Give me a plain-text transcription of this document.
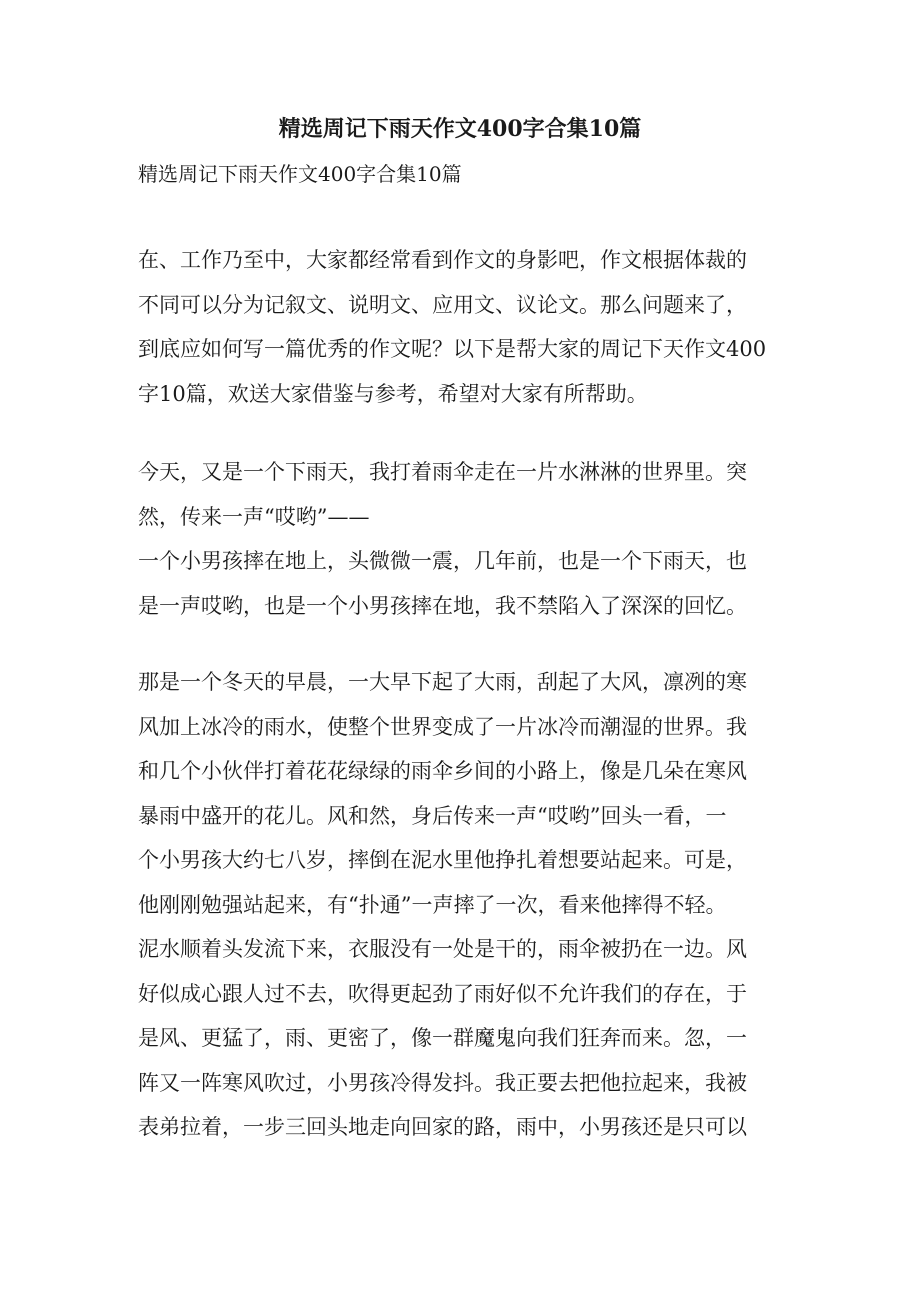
精选周记下雨天作文400字合集10篇

精选周记下雨天作文400字合集10篇

在、工作乃至中，大家都经常看到作文的身影吧，作文根据体裁的
不同可以分为记叙文、说明文、应用文、议论文。那么问题来了，
到底应如何写一篇优秀的作文呢？以下是帮大家的周记下天作文400
字10篇，欢送大家借鉴与参考，希望对大家有所帮助。

今天，又是一个下雨天，我打着雨伞走在一片水淋淋的世界里。突
然，传来一声“哎哟”——
一个小男孩摔在地上，头微微一震，几年前，也是一个下雨天，也
是一声哎哟，也是一个小男孩摔在地，我不禁陷入了深深的回忆。

那是一个冬天的早晨，一大早下起了大雨，刮起了大风，凛冽的寒
风加上冰冷的雨水，使整个世界变成了一片冰冷而潮湿的世界。我
和几个小伙伴打着花花绿绿的雨伞乡间的小路上，像是几朵在寒风
暴雨中盛开的花儿。风和然，身后传来一声“哎哟”回头一看，一
个小男孩大约七八岁，摔倒在泥水里他挣扎着想要站起来。可是，
他刚刚勉强站起来，有“扑通”一声摔了一次，看来他摔得不轻。
泥水顺着头发流下来，衣服没有一处是干的，雨伞被扔在一边。风
好似成心跟人过不去，吹得更起劲了雨好似不允许我们的存在，于
是风、更猛了，雨、更密了，像一群魔鬼向我们狂奔而来。忽，一
阵又一阵寒风吹过，小男孩冷得发抖。我正要去把他拉起来，我被
表弟拉着，一步三回头地走向回家的路，雨中，小男孩还是只可以
